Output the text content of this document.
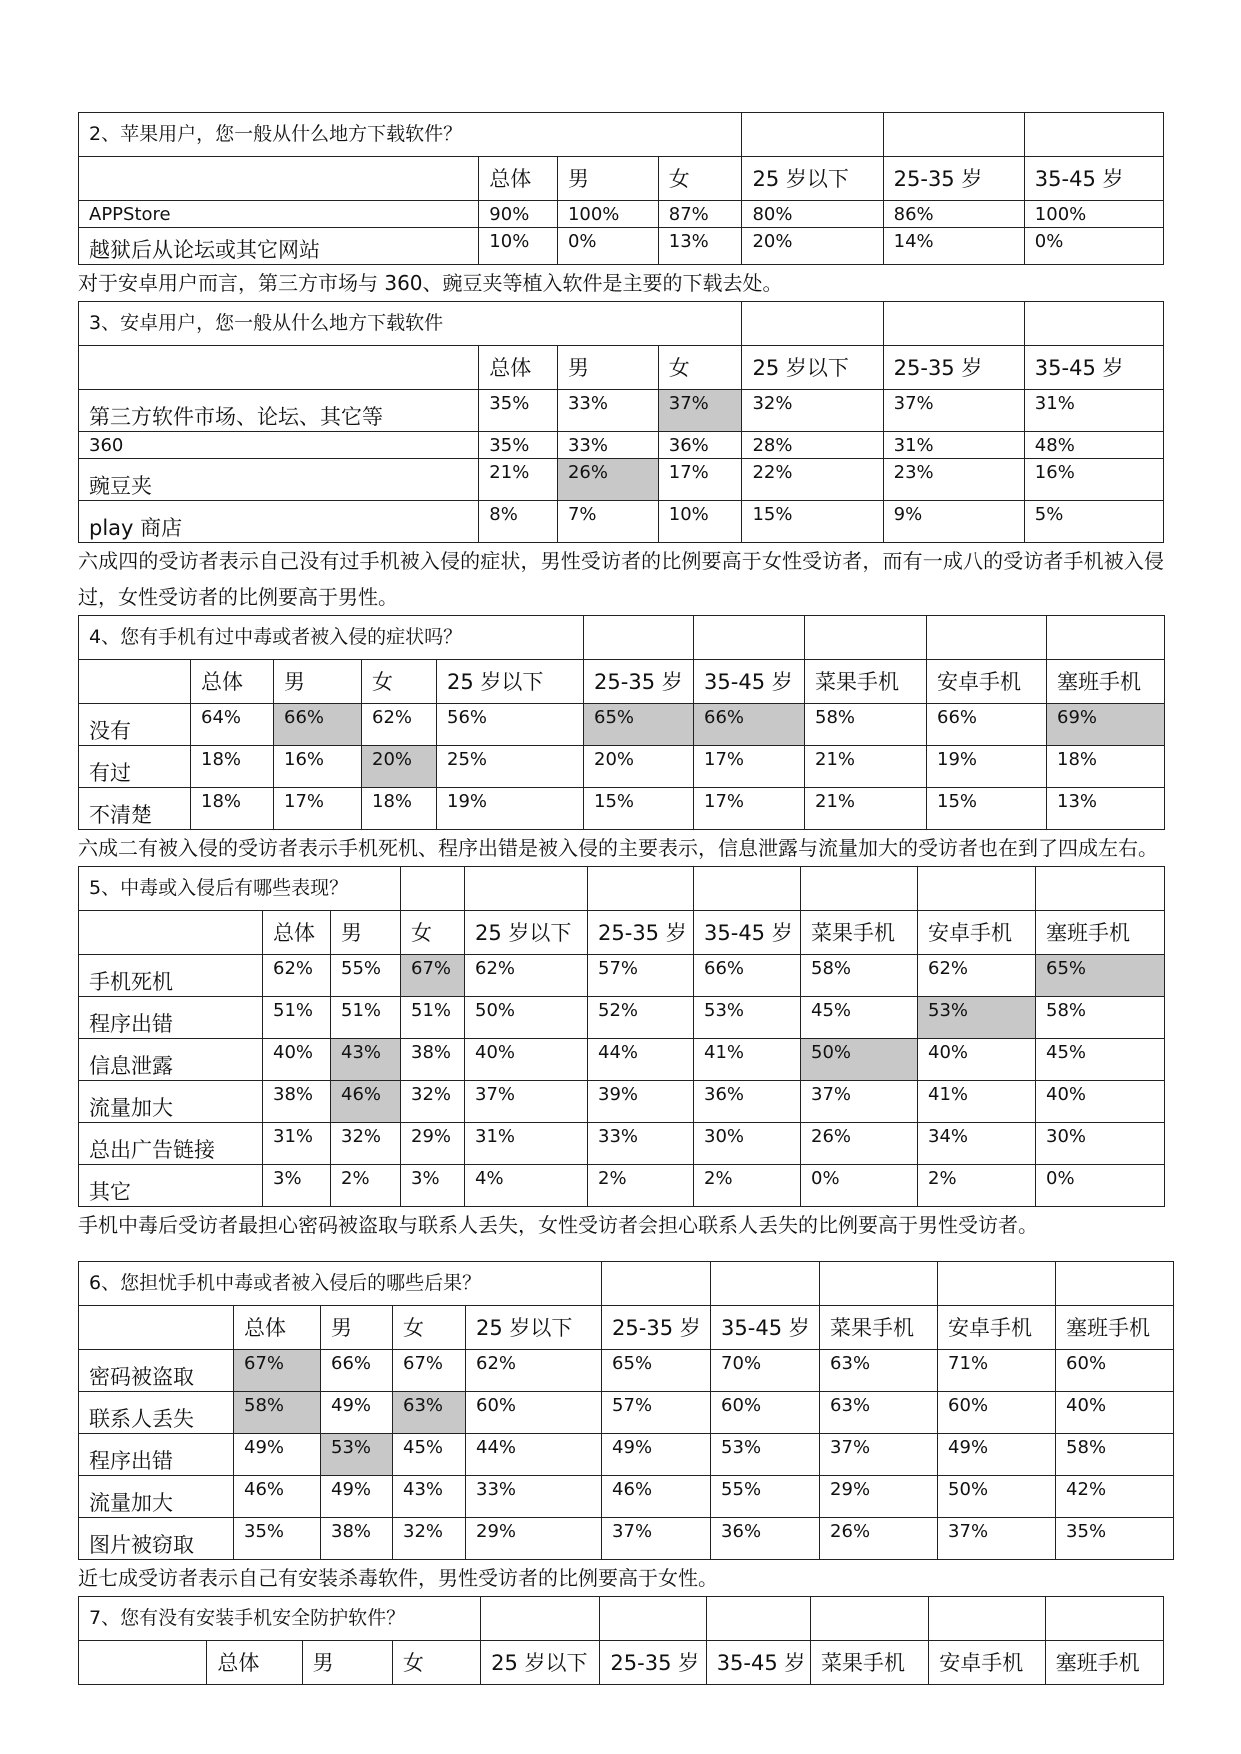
2、苹果用户，您一般从什么地方下载软件？						
	总体	男	女	25 岁以下	25-35 岁	35-45 岁
APPStore	90%	100%	87%	80%	86%	100%
越狱后从论坛或其它网站	10%	0%	13%	20%	14%	0%
对于安卓用户而言，第三方市场与 360、豌豆夹等植入软件是主要的下载去处。
3、安卓用户，您一般从什么地方下载软件						
	总体	男	女	25 岁以下	25-35 岁	35-45 岁
第三方软件市场、论坛、其它等	35%	33%	37%	32%	37%	31%
360	35%	33%	36%	28%	31%	48%
豌豆夹	21%	26%	17%	22%	23%	16%
play 商店	8%	7%	10%	15%	9%	5%
六成四的受访者表示自己没有过手机被入侵的症状，男性受访者的比例要高于女性受访者，而有一成八的受访者手机被入侵过，女性受访者的比例要高于男性。
4、您有手机有过中毒或者被入侵的症状吗？									
	总体	男	女	25 岁以下	25-35 岁	35-45 岁	菜果手机	安卓手机	塞班手机
没有	64%	66%	62%	56%	65%	66%	58%	66%	69%
有过	18%	16%	20%	25%	20%	17%	21%	19%	18%
不清楚	18%	17%	18%	19%	15%	17%	21%	15%	13%
六成二有被入侵的受访者表示手机死机、程序出错是被入侵的主要表示，信息泄露与流量加大的受访者也在到了四成左右。
5、中毒或入侵后有哪些表现？									
	总体	男	女	25 岁以下	25-35 岁	35-45 岁	菜果手机	安卓手机	塞班手机
手机死机	62%	55%	67%	62%	57%	66%	58%	62%	65%
程序出错	51%	51%	51%	50%	52%	53%	45%	53%	58%
信息泄露	40%	43%	38%	40%	44%	41%	50%	40%	45%
流量加大	38%	46%	32%	37%	39%	36%	37%	41%	40%
总出广告链接	31%	32%	29%	31%	33%	30%	26%	34%	30%
其它	3%	2%	3%	4%	2%	2%	0%	2%	0%
手机中毒后受访者最担心密码被盗取与联系人丢失，女性受访者会担心联系人丢失的比例要高于男性受访者。
6、您担忧手机中毒或者被入侵后的哪些后果？									
	总体	男	女	25 岁以下	25-35 岁	35-45 岁	菜果手机	安卓手机	塞班手机
密码被盗取	67%	66%	67%	62%	65%	70%	63%	71%	60%
联系人丢失	58%	49%	63%	60%	57%	60%	63%	60%	40%
程序出错	49%	53%	45%	44%	49%	53%	37%	49%	58%
流量加大	46%	49%	43%	33%	46%	55%	29%	50%	42%
图片被窃取	35%	38%	32%	29%	37%	36%	26%	37%	35%
近七成受访者表示自己有安装杀毒软件，男性受访者的比例要高于女性。
7、您有没有安装手机安全防护软件？									
	总体	男	女	25 岁以下	25-35 岁	35-45 岁	菜果手机	安卓手机	塞班手机
